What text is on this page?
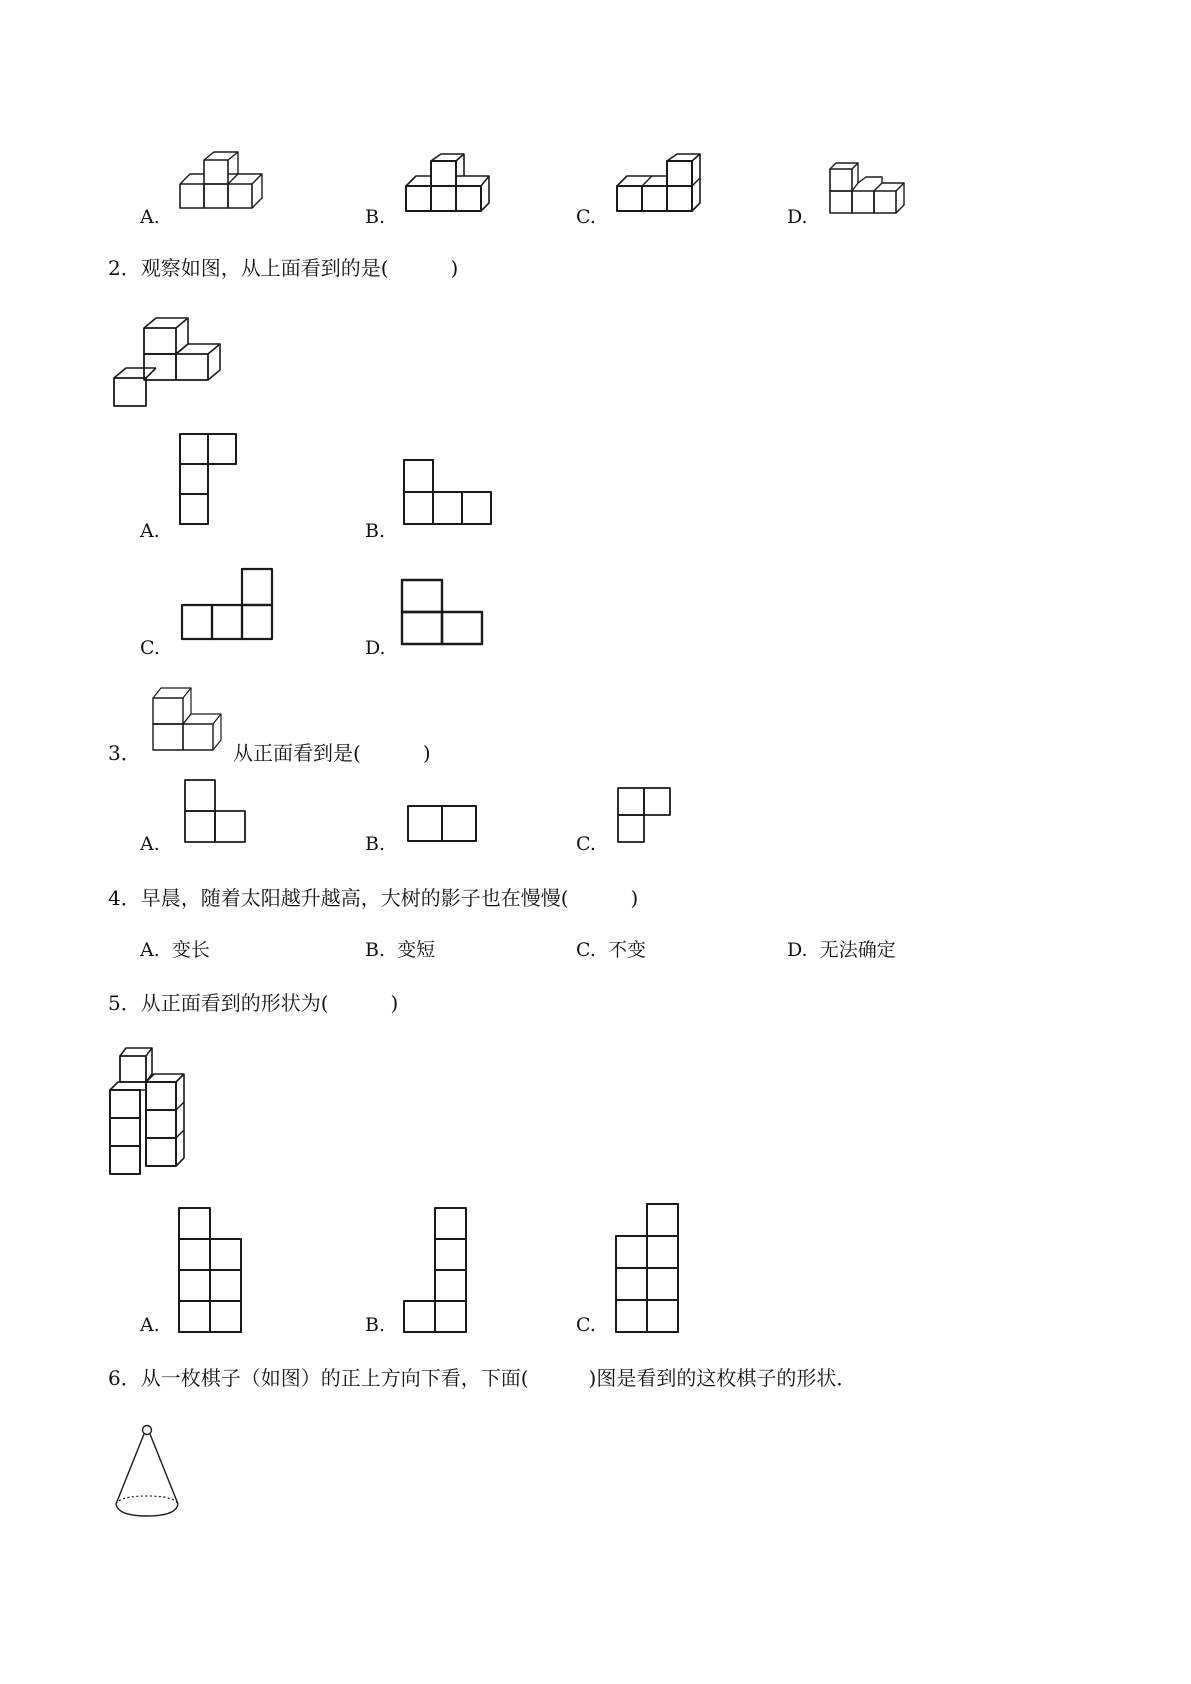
A.	B.	C.	D.
2．观察如图，从上面看到的是(	)
A.	B.
C.	D.
3．	从正面看到是(	)
A.	B.	C.
4．早晨，随着太阳越升越高，大树的影子也在慢慢(	)
A. 变长	B. 变短	C. 不变	D. 无法确定
5．从正面看到的形状为(	)
A.	B.	C.
6．从一枚棋子（如图）的正上方向下看，下面(	)图是看到的这枚棋子的形状．
